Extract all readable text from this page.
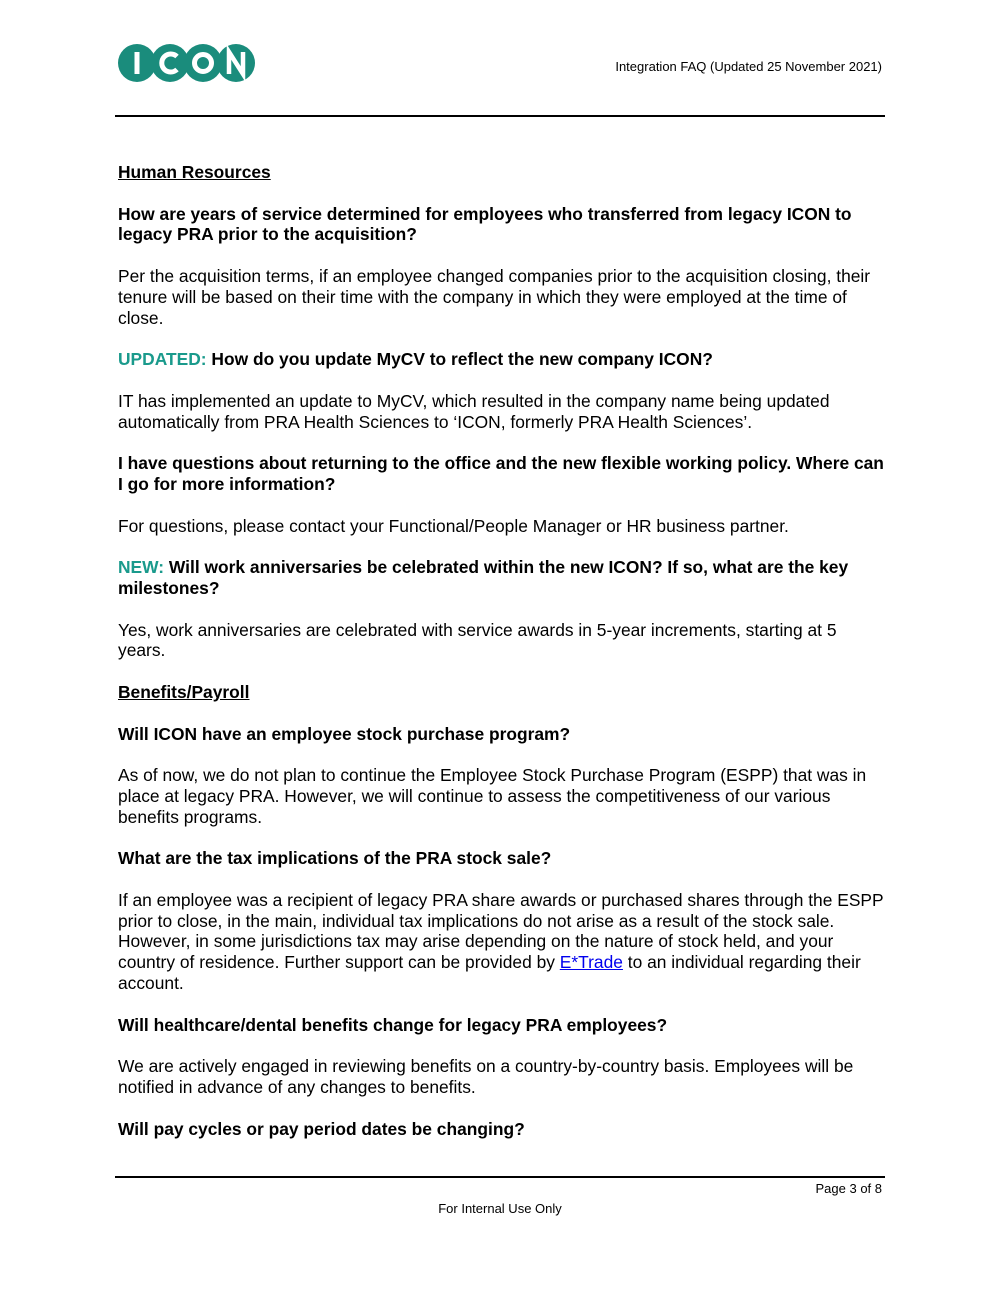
Integration FAQ (Updated 25 November 2021)

Human Resources

How are years of service determined for employees who transferred from legacy ICON to legacy PRA prior to the acquisition?

Per the acquisition terms, if an employee changed companies prior to the acquisition closing, their tenure will be based on their time with the company in which they were employed at the time of close.

UPDATED: How do you update MyCV to reflect the new company ICON?

IT has implemented an update to MyCV, which resulted in the company name being updated automatically from PRA Health Sciences to ‘ICON, formerly PRA Health Sciences’.

I have questions about returning to the office and the new flexible working policy. Where can I go for more information?

For questions, please contact your Functional/People Manager or HR business partner.

NEW: Will work anniversaries be celebrated within the new ICON? If so, what are the key milestones?

Yes, work anniversaries are celebrated with service awards in 5-year increments, starting at 5 years.

Benefits/Payroll

Will ICON have an employee stock purchase program?

As of now, we do not plan to continue the Employee Stock Purchase Program (ESPP) that was in place at legacy PRA. However, we will continue to assess the competitiveness of our various benefits programs.

What are the tax implications of the PRA stock sale?

If an employee was a recipient of legacy PRA share awards or purchased shares through the ESPP prior to close, in the main, individual tax implications do not arise as a result of the stock sale. However, in some jurisdictions tax may arise depending on the nature of stock held, and your country of residence. Further support can be provided by E*Trade to an individual regarding their account.

Will healthcare/dental benefits change for legacy PRA employees?

We are actively engaged in reviewing benefits on a country-by-country basis. Employees will be notified in advance of any changes to benefits.

Will pay cycles or pay period dates be changing?

Page 3 of 8
For Internal Use Only
